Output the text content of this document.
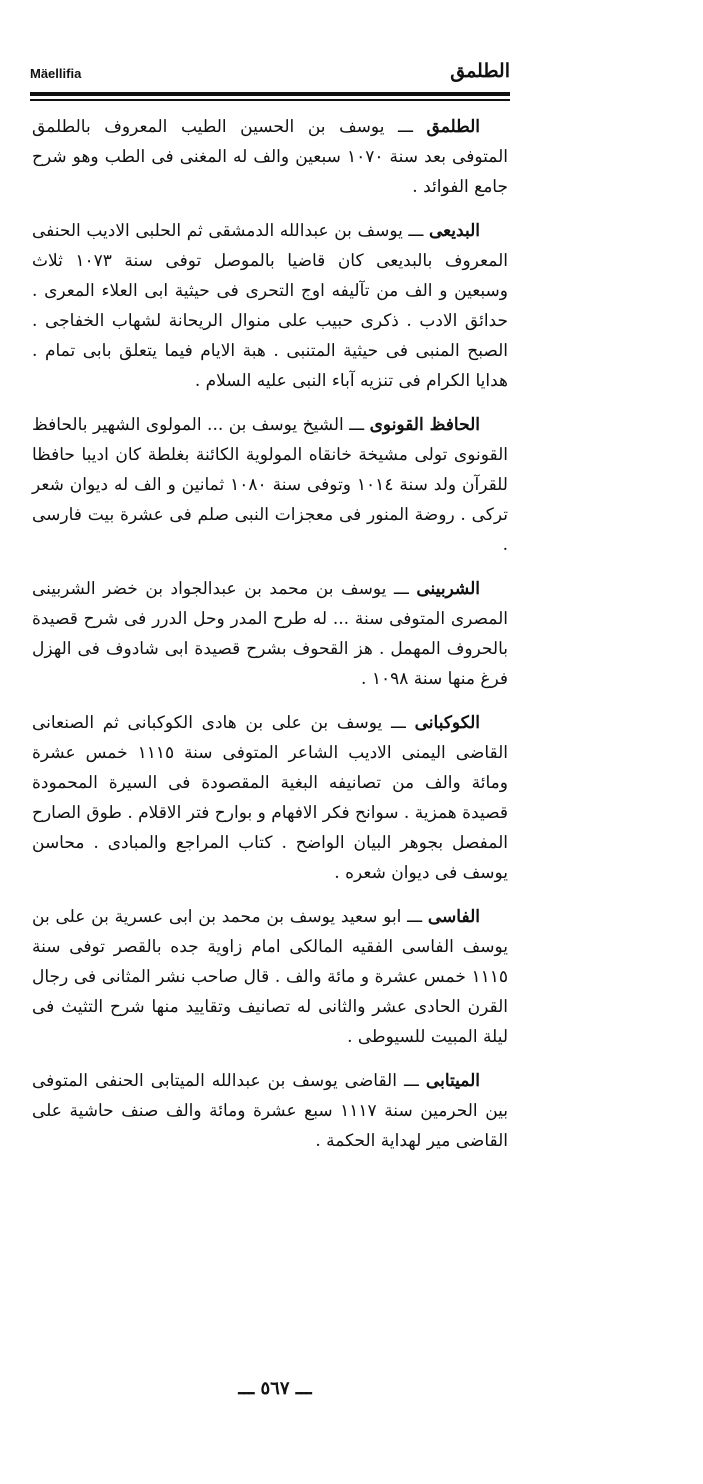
Mäellifia	الطلمق

الطلمق ـــ يوسف بن الحسين الطيب المعروف بالطلمق المتوفى بعد سنة ١٠٧٠ سبعين والف له المغنى فى الطب وهو شرح جامع الفوائد .

البديعى ـــ يوسف بن عبدالله الدمشقى ثم الحلبى الاديب الحنفى المعروف بالبديعى كان قاضيا بالموصل توفى سنة ١٠٧٣ ثلاث وسبعين و الف من تآليفه اوج التحرى فى حيثية ابى العلاء المعرى . حدائق الادب . ذكرى حبيب على منوال الريحانة لشهاب الخفاجى . الصبح المنبى فى حيثية المتنبى . هبة الايام فيما يتعلق بابى تمام . هدايا الكرام فى تنزيه آباء النبى عليه السلام .

الحافظ القونوى ـــ الشيخ يوسف بن ... المولوى الشهير بالحافظ القونوى تولى مشيخة خانقاه المولوية الكائنة بغلطة كان اديبا حافظا للقرآن ولد سنة ١٠١٤ وتوفى سنة ١٠٨٠ ثمانين و الف له ديوان شعر تركى . روضة المنور فى معجزات النبى صلم فى عشرة بيت فارسى .

الشربينى ـــ يوسف بن محمد بن عبدالجواد بن خضر الشربينى المصرى المتوفى سنة ... له طرح المدر وحل الدرر فى شرح قصيدة بالحروف المهمل . هز القحوف بشرح قصيدة ابى شادوف فى الهزل فرغ منها سنة ١٠٩٨ .

الكوكبانى ـــ يوسف بن على بن هادى الكوكبانى ثم الصنعانى القاضى اليمنى الاديب الشاعر المتوفى سنة ١١١٥ خمس عشرة ومائة والف من تصانيفه البغية المقصودة فى السيرة المحمودة قصيدة همزية . سوانح فكر الافهام و بوارح فتر الاقلام . طوق الصارح المفصل بجوهر البيان الواضح . كتاب المراجع والمبادى . محاسن يوسف فى ديوان شعره .

الفاسى ـــ ابو سعيد يوسف بن محمد بن ابى عسرية بن على بن يوسف الفاسى الفقيه المالكى امام زاوية جده بالقصر توفى سنة ١١١٥ خمس عشرة و مائة والف . قال صاحب نشر المثانى فى رجال القرن الحادى عشر والثانى له تصانيف وتقاييد منها شرح التثيث فى ليلة المبيت للسيوطى .

الميتابى ـــ القاضى يوسف بن عبدالله الميتابى الحنفى المتوفى بين الحرمين سنة ١١١٧ سبع عشرة ومائة والف صنف حاشية على القاضى مير لهداية الحكمة .

ـــ ٥٦٧ ـــ
